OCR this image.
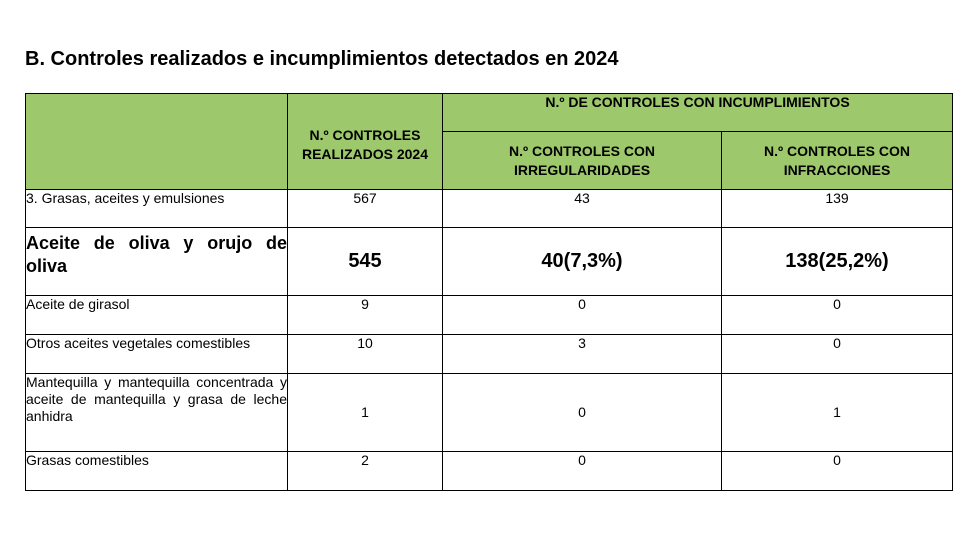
B. Controles realizados e incumplimientos detectados en 2024
	N.º CONTROLES REALIZADOS 2024	N.º DE CONTROLES CON INCUMPLIMIENTOS	
		N.º CONTROLES CON IRREGULARIDADES	N.º CONTROLES CON INFRACCIONES
3. Grasas, aceites y emulsiones	567	43	139
Aceite de oliva y orujo de oliva	545	40(7,3%)	138(25,2%)
Aceite de girasol	9	0	0
Otros aceites vegetales comestibles	10	3	0
Mantequilla y mantequilla concentrada y aceite de mantequilla y grasa de leche anhidra	1	0	1
Grasas comestibles	2	0	0
